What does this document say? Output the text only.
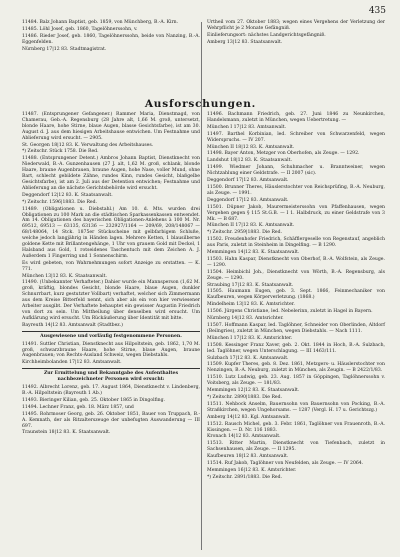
435
11484. Balz Johann Baptist, geb. 1859, von Münchberg, B.-A. Kirn.
11485. Löhl Josef, geb. 1860, Tagelöhnerssohn, v.
11486. Rieder Josef, geb. 1860, Tagelöhnerssohn, beide von Nanzing, B.-A. Eggenfelden.
Nürnberg 17|12 83. Stadtmagistrat.
Urtheil vom 27. Oktober 1883; wegen eines Vergehens der Verletzung der Wehrpflicht je 2 Monate Gefängniß.
Einlieferungsort: nächstes Landgerichtsgefängniß.
Amberg 13|12 83. Staatsanwalt.
Ausforschungen.
11487. (Entsprungener Gefangener.) Rammer Maria, Dienstmagd, von Chamerau, Geb.-A. Regensburg (28 Jahre alt, 1,66 M. groß, untersetzt, blonde Haare, hohe Stirne, blaue Augen, blasse Gesichtsfarbe), ist am 30. August d. J. aus dem hiesigen Arbeitshause entwichen. Um Festnahme und Ablieferung wird ersucht. — 2905.
St. Georgen 18|12 83. K. Verwaltung des Arbeitshauses.
*) Zeitschr. Stück 1758. Die Red.
11488. (Entsprungener Detent.) Ambros Johann Baptist, Dienstknecht von Niederwald, B.-A. Gunzenhausen (27 J. alt, 1,62 M. groß, schlank, blonde Haare, braune Augenbrauen, braune Augen, hohe Nase, voller Mund, ohne Bart, schlecht gebildete Zähne, rundes Kinn, rundes Gesicht, blaßgelbe Gesichtsfarbe), ist am 2. Juli aus der Detention entwichen; Festnahme und Ablieferung an die nächste Gerichtsbehörde wird ersucht.
Deggendorf 12|12 83. K. Staatsanwalt.
*) Zeitschr. 1596|1883. Die Red.
11489. (Obligationen u. Diebstahl.) Am 10. d. Mts. wurden drei Obligationen zu 100 Mark an die städtischen Sparkassenkassen entwendet. Am 14. Obligationen des bayerischen Obligationen-Anlehens à 100 M. Nr. 69512, 69513 — 63135, 63136 — 232927/1164 — 209/69, 208/148067 — 68/148064, 14 Stck. 1875er Stückscheine mit gelbfarbigem Schluße, welche jedoch langjährig in Händen lagen. Mehrere Ketten, 1 blausilberne goldene Kette mit Brillantengehänge, 1 Uhr von grauem Gold mit Deckel, 1 Halsband aus Gold, 1 rotseidenes Taschentuch mit dem Zeichen A. J. Außerdem 1 Fingerring und 1 Sonnenschirm.
Es wird gebeten, von Wahrnehmungen sofort Anzeige zu erstatten. — K. 771.
München 13|12 83. K. Staatsanwalt.
11490. (Unbekannter Verhafteter.) Dahier wurde ein Mannsperson (1,62 M. groß, kräftig, blondes Gesicht, blonde Haare, blaue Augen, dunkler Schnurrbart, kurz gestutzter Vollbart) verhaftet, welcher sich Zimmermann aus dem Kreise Bitterfeld nennt, sich aber als ein von hier verwiesener Arbeiter ausgibt. Der Verhaftete behauptet ein gewisser Augustin Friedrich von dort zu sein. Um Mittheilung über denselben wird ersucht. Um Aufklärung wird ersucht. Um Rückäußerung über Identität mit bitte.
Bayreuth 14|12 83. Amtsanwalt (Stadtbez.)
Ausgewiesene und vorläufig festgenommene Personen.
11491. Suttler Christian, Dienstknecht aus Hilpoltstein, geb. 1862, 1,70 M. groß, schwarzbraune Haare, hohe Stirne, blaue Augen, braune Augenbrauen; von Rechts-Ausland Schweiz, wegen Diebstahls.
Kirchheimbolanden 17|12 83. Amtsanwalt.
Zur Ermittelung und Bekanntgabe des Aufenthaltes nachbezeichneter Personen wird ersucht:
11492. Albrecht Lorenz, geb. 17. August 1864, Dienstknecht v. Lindenberg, B.-A. Hilpoltstein (Bayreuth 1 Ab.)
11493. Bieringer Kilian, geb. 25. Oktober 1865 in Dingolfing.
11494. Lechner Franz, geb. 18. März 1857, und
11495. Rohrmoser Georg, geb. 26. Oktober 1851, Bauer von Truppach, B.-A. Kemnath, der als Ritzalterszeuge der unbefugten Auswanderung — III 697.
Traunstein 18|12 83. K. Staatsanwalt.
11496. Bachmann Friedrich, geb. 27. Juni 1846 zu Neunkirchen, Handelsmann, zuletzt in München, wegen Uebertretung. —
München I 17|12 83. Amtsanwalt.
11497. Barthel Korbinian, led. Schreiber von Schwarzenfeld, wegen Widerspruchs. — IV 207.
München II 18|12 83. K. Amtsanwalt.
11498. Bayer Anton, Metzger von Oberhofen, als Zeuge. — 1292.
Landshut 18|12 83. K. Staatsanwalt.
11499. Wiedmer Johann, Schuhmacher u. Branntweiner, wegen Nichtzahlung einer Geldstrafe. — II 2007 (sic).
Deggendorf 17|12 83. Amtsanwalt.
11500. Brunner Theres, Häuslerstochter von Reichsprüfing, B.-A. Neuburg, als Zeuge. — 1991.
Deggendorf 17|12 83. Amtsanwalt.
11501. Düpner Jakob, Maurermeisterssohn von Pfaffenhausen, wegen Vergehen gegen § 115 St.G.B. — I 1. Halbdruck, zu einer Geldstrafe von 3 Mk. — B 687.
München II 17|12 83. K. Amtsanwalt.
*) Zeitschr. 2959|1883. Die Red.
11502. Freudenhofer Friedrich, Schäfflergeselle von Regenstauf, angeblich aus Paris, zuletzt in Steinheim in Dingelfing. — B 1290.
Memmingen 14|12 83. K. Staatsanwalt.
11503. Hahn Kaspar, Dienstknecht von Oberhof, B.-A. Wolfstein, als Zeuge. — 1290.
11504. Heimbichl Joh., Dienstknecht von Wörth, B.-A. Regensburg, als Zeuge. — 1290.
Straubing 17|12 83. K. Staatsanwalt.
11505. Haumann Eugen, geb. 3. Sept. 1866, Feinmechaniker von Kaufbeuren, wegen Körperverletzung. (1868.)
Mindelheim 13|12 83. K. Amtsrichter.
11506. Jürgens Christiane, led. Nebelerinn, zuletzt in Hagel in Bayern.
Nürnberg 14|12 83. Amtsrichter.
11507. Hoffmann Kaspar, led. Taglöhner, Schneider von Oberlinden, Altdorf (Beilngries), zuletzt in München, wegen Diebstahls. — Nach 1111.
München I 17|12 83. K. Amtsrichter.
11508. Kessinger Franz Xaver, geb. 2. Okt. 1844 in Hoch, B.-A. Sulzbach, led. Taglöhner, wegen Unterschlagung. — III 1463/111.
Sulzbach 17|12 83. K. Amtsanwalt.
11509. Kupfer Theres, geb. 8. Dez. 1861, Metzgers- u. Häuslerstochter von Nenzingen, B.-A. Neuburg, zuletzt in München, als Zeugin. — B 2422/1/83.
11510. Lutz Ludwig, geb. 23. Aug. 1857 in Göppingen, Taglöhnerssohn v. Voitsberg, als Zeuge. — 181/83.
Memmingen 12|12 83. K. Staatsanwalt.
*) Zeitschr. 2890|1883. Die Red.
11511. Nehbock Anselm, Bauernsohn von Bauernsohn von Pocking, B.-A. Straßkirchen, wegen Ungehorsams. — 1287 (Vergl. H. 17 u. Gerichtszg.)
Amberg 14|12 83. Kgl. Amtsanwalt.
11512. Rausch Michel, geb. 3. Febr. 1861, Taglöhner von Frauenroth, B.-A. Kissingen. — D. Nr. 116 1883.
Kronach 14|12 83. Amtsanwalt.
11513. Ritter Martin, Dienstknecht von Tiefenbach, zuletzt in Sachsenhausen, als Zeuge. — II 1295.
Kaufbeuren 18|12 83. Amtsanwalt.
11514. Ruf Jakob, Taglöhner von Neufelden, als Zeuge. — IV 2064.
Memmingen 16|12 83. K. Amtsrichter.
*) Zeitschr. 2891/1883. Die Red.
